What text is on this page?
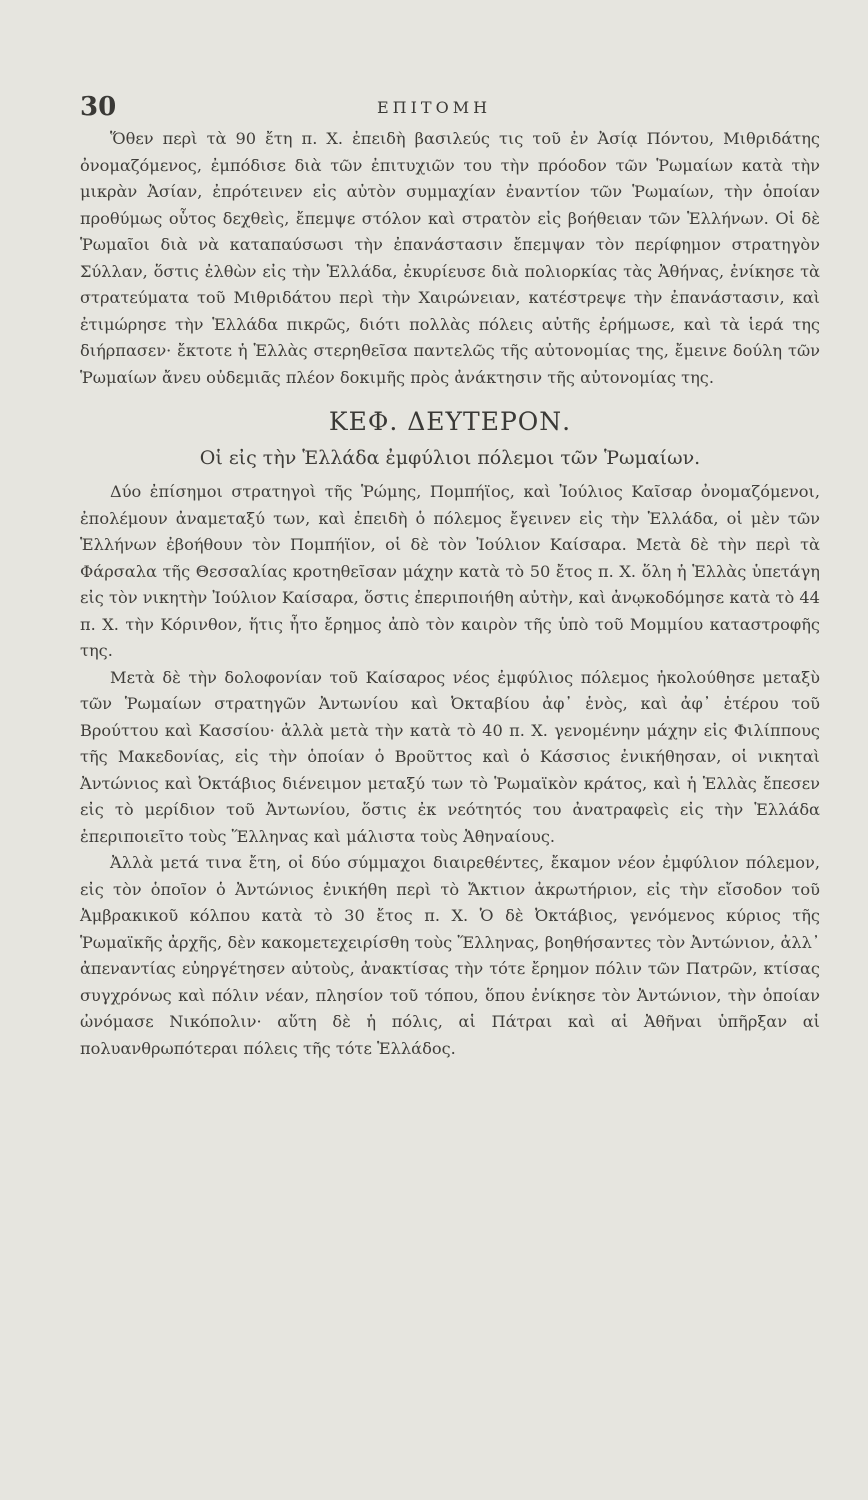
30	ΕΠΙΤΟΜΗ

Ὅθεν περὶ τὰ 90 ἔτη π. Χ. ἐπειδὴ βασιλεύς τις τοῦ ἐν Ἀσίᾳ Πόντου, Μιθριδάτης ὀνομαζόμενος, ἐμπόδισε διὰ τῶν ἐπιτυχιῶν του τὴν πρόοδον τῶν Ῥωμαίων κατὰ τὴν μικρὰν Ἀσίαν, ἐπρότεινεν εἰς αὐτὸν συμμαχίαν ἐναντίον τῶν Ῥωμαίων, τὴν ὁποίαν προθύμως οὗτος δεχθεὶς, ἔπεμψε στόλον καὶ στρατὸν εἰς βοήθειαν τῶν Ἑλλήνων. Οἱ δὲ Ῥωμαῖοι διὰ νὰ καταπαύσωσι τὴν ἐπανάστασιν ἔπεμψαν τὸν περίφημον στρατηγὸν Σύλλαν, ὅστις ἐλθὼν εἰς τὴν Ἑλλάδα, ἐκυρίευσε διὰ πολιορκίας τὰς Ἀθήνας, ἐνίκησε τὰ στρατεύματα τοῦ Μιθριδάτου περὶ τὴν Χαιρώνειαν, κατέστρεψε τὴν ἐπανάστασιν, καὶ ἐτιμώρησε τὴν Ἑλλάδα πικρῶς, διότι πολλὰς πόλεις αὐτῆς ἐρήμωσε, καὶ τὰ ἱερά της διήρπασεν· ἔκτοτε ἡ Ἑλλὰς στερηθεῖσα παντελῶς τῆς αὐτονομίας της, ἔμεινε δούλη τῶν Ῥωμαίων ἄνευ οὐδεμιᾶς πλέον δοκιμῆς πρὸς ἀνάκτησιν τῆς αὐτονομίας της.

ΚΕΦ. ΔΕΥΤΕΡΟΝ.
Οἱ εἰς τὴν Ἑλλάδα ἐμφύλιοι πόλεμοι τῶν Ῥωμαίων.

Δύο ἐπίσημοι στρατηγοὶ τῆς Ῥώμης, Πομπήϊος, καὶ Ἰούλιος Καῖσαρ ὀνομαζόμενοι, ἐπολέμουν ἀναμεταξύ των, καὶ ἐπειδὴ ὁ πόλεμος ἔγεινεν εἰς τὴν Ἑλλάδα, οἱ μὲν τῶν Ἑλλήνων ἐβοήθουν τὸν Πομπήϊον, οἱ δὲ τὸν Ἰούλιον Καίσαρα. Μετὰ δὲ τὴν περὶ τὰ Φάρσαλα τῆς Θεσσαλίας κροτηθεῖσαν μάχην κατὰ τὸ 50 ἔτος π. Χ. ὅλη ἡ Ἑλλὰς ὑπετάγη εἰς τὸν νικητὴν Ἰούλιον Καίσαρα, ὅστις ἐπεριποιήθη αὐτὴν, καὶ ἀνῳκοδόμησε κατὰ τὸ 44 π. Χ. τὴν Κόρινθον, ἥτις ἦτο ἔρημος ἀπὸ τὸν καιρὸν τῆς ὑπὸ τοῦ Μομμίου καταστροφῆς της.

Μετὰ δὲ τὴν δολοφονίαν τοῦ Καίσαρος νέος ἐμφύλιος πόλεμος ἠκολούθησε μεταξὺ τῶν Ῥωμαίων στρατηγῶν Ἀντωνίου καὶ Ὀκταβίου ἀφ᾽ ἑνὸς, καὶ ἀφ᾽ ἑτέρου τοῦ Βρούττου καὶ Κασσίου· ἀλλὰ μετὰ τὴν κατὰ τὸ 40 π. Χ. γενομένην μάχην εἰς Φιλίππους τῆς Μακεδονίας, εἰς τὴν ὁποίαν ὁ Βροῦττος καὶ ὁ Κάσσιος ἐνικήθησαν, οἱ νικηταὶ Ἀντώνιος καὶ Ὀκτάβιος διένειμον μεταξύ των τὸ Ῥωμαϊκὸν κράτος, καὶ ἡ Ἑλλὰς ἔπεσεν εἰς τὸ μερίδιον τοῦ Ἀντωνίου, ὅστις ἐκ νεότητός του ἀνατραφεὶς εἰς τὴν Ἑλλάδα ἐπεριποιεῖτο τοὺς Ἕλληνας καὶ μάλιστα τοὺς Ἀθηναίους.

Ἀλλὰ μετά τινα ἔτη, οἱ δύο σύμμαχοι διαιρεθέντες, ἔκαμον νέον ἐμφύλιον πόλεμον, εἰς τὸν ὁποῖον ὁ Ἀντώνιος ἐνικήθη περὶ τὸ Ἄκτιον ἀκρωτήριον, εἰς τὴν εἴσοδον τοῦ Ἀμβρακικοῦ κόλπου κατὰ τὸ 30 ἔτος π. Χ. Ὁ δὲ Ὀκτάβιος, γενόμενος κύριος τῆς Ῥωμαϊκῆς ἀρχῆς, δὲν κακομετεχειρίσθη τοὺς Ἕλληνας, βοηθήσαντες τὸν Ἀντώνιον, ἀλλ᾽ ἀπεναντίας εὐηργέτησεν αὐτοὺς, ἀνακτίσας τὴν τότε ἔρημον πόλιν τῶν Πατρῶν, κτίσας συγχρόνως καὶ πόλιν νέαν, πλησίον τοῦ τόπου, ὅπου ἐνίκησε τὸν Ἀντώνιον, τὴν ὁποίαν ὠνόμασε Νικόπολιν· αὕτη δὲ ἡ πόλις, αἱ Πάτραι καὶ αἱ Ἀθῆναι ὑπῆρξαν αἱ πολυανθρωπότεραι πόλεις τῆς τότε Ἑλλάδος.
